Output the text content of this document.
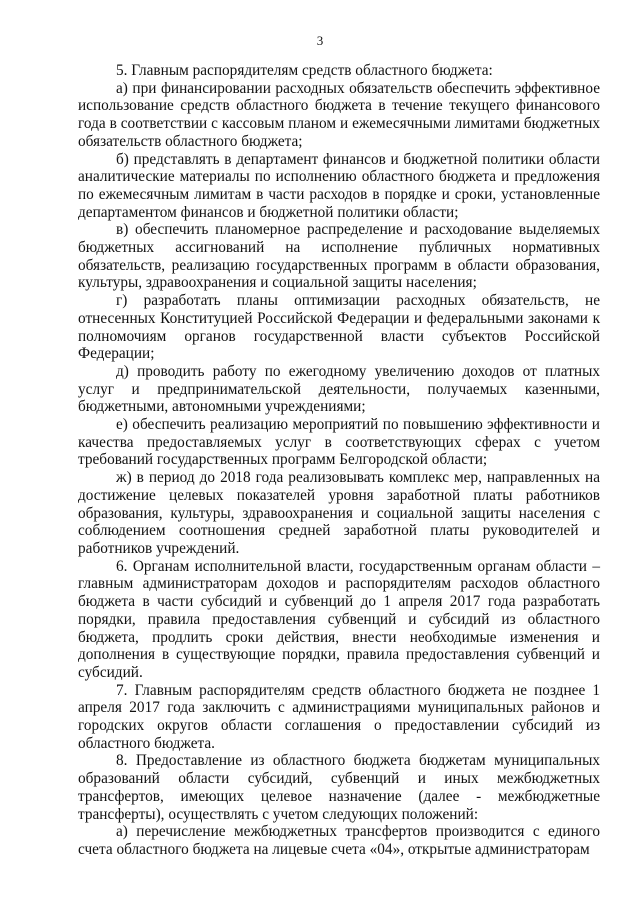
3

5. Главным распорядителям средств областного бюджета:

а) при финансировании расходных обязательств обеспечить эффективное использование средств областного бюджета в течение текущего финансового года в соответствии с кассовым планом и ежемесячными лимитами бюджетных обязательств областного бюджета;

б) представлять в департамент финансов и бюджетной политики области аналитические материалы по исполнению областного бюджета и предложения по ежемесячным лимитам в части расходов в порядке и сроки, установленные департаментом финансов и бюджетной политики области;

в) обеспечить планомерное распределение и расходование выделяемых бюджетных ассигнований на исполнение публичных нормативных обязательств, реализацию государственных программ в области образования, культуры, здравоохранения и социальной защиты населения;

г) разработать планы оптимизации расходных обязательств, не отнесенных Конституцией Российской Федерации и федеральными законами к полномочиям органов государственной власти субъектов Российской Федерации;

д) проводить работу по ежегодному увеличению доходов от платных услуг и предпринимательской деятельности, получаемых казенными, бюджетными, автономными учреждениями;

е) обеспечить реализацию мероприятий по повышению эффективности и качества предоставляемых услуг в соответствующих сферах с учетом требований государственных программ Белгородской области;

ж) в период до 2018 года реализовывать комплекс мер, направленных на достижение целевых показателей уровня заработной платы работников образования, культуры, здравоохранения и социальной защиты населения с соблюдением соотношения средней заработной платы руководителей и работников учреждений.

6. Органам исполнительной власти, государственным органам области – главным администраторам доходов и распорядителям расходов областного бюджета в части субсидий и субвенций до 1 апреля 2017 года разработать порядки, правила предоставления субвенций и субсидий из областного бюджета, продлить сроки действия, внести необходимые изменения и дополнения в существующие порядки, правила предоставления субвенций и субсидий.

7. Главным распорядителям средств областного бюджета не позднее 1 апреля 2017 года заключить с администрациями муниципальных районов и городских округов области соглашения о предоставлении субсидий из областного бюджета.

8. Предоставление из областного бюджета бюджетам муниципальных образований области субсидий, субвенций и иных межбюджетных трансфертов, имеющих целевое назначение (далее - межбюджетные трансферты), осуществлять с учетом следующих положений:

а) перечисление межбюджетных трансфертов производится с единого счета областного бюджета на лицевые счета «04», открытые администраторам
